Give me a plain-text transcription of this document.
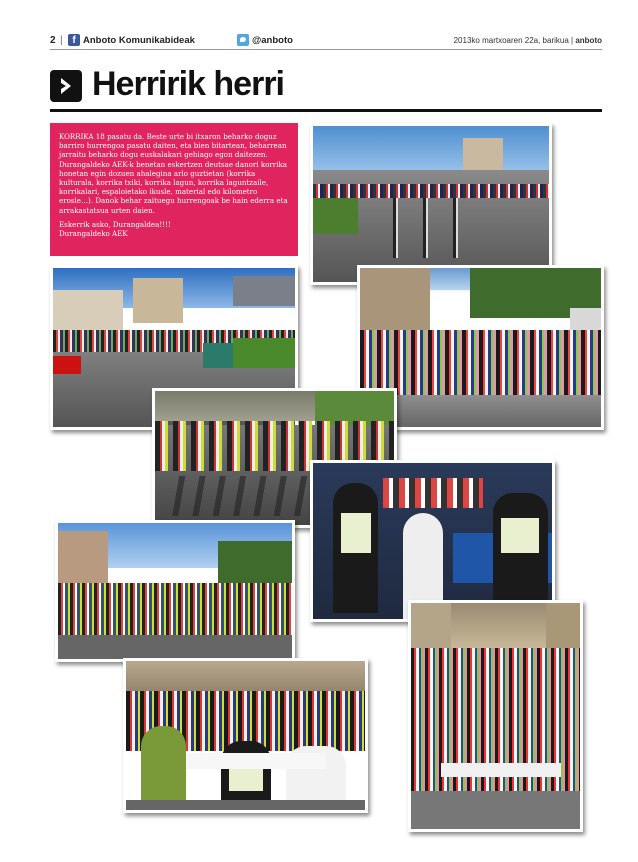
2 | f Anboto Komunikabideak	@anboto	2013ko martxoaren 22a, barikua | anboto
Herririk herri

KORRIKA 18 pasatu da. Beste urte bi itxaron beharko doguz barriro hurrengoa pasatu daiten, eta bien bitartean, beharrean jarraitu beharko dogu euskalakari gehiago egon daitezen. Durangaldeko AEK-k benetan eskertzen deutsae danori korrika honetan egin dozuen ahalegina arlo guztietan (korrika kulturala, korrika txiki, korrika lagun, korrika laguntzaile, korrikalari, espaloietako ikusle, material edo kilometro erosle…). Danok behar zaituegu hurrengoak be hain ederra eta arrakastatsua urten daien.

Eskerrik asko, Durangaldea!!!!

Durangaldeko AEK
